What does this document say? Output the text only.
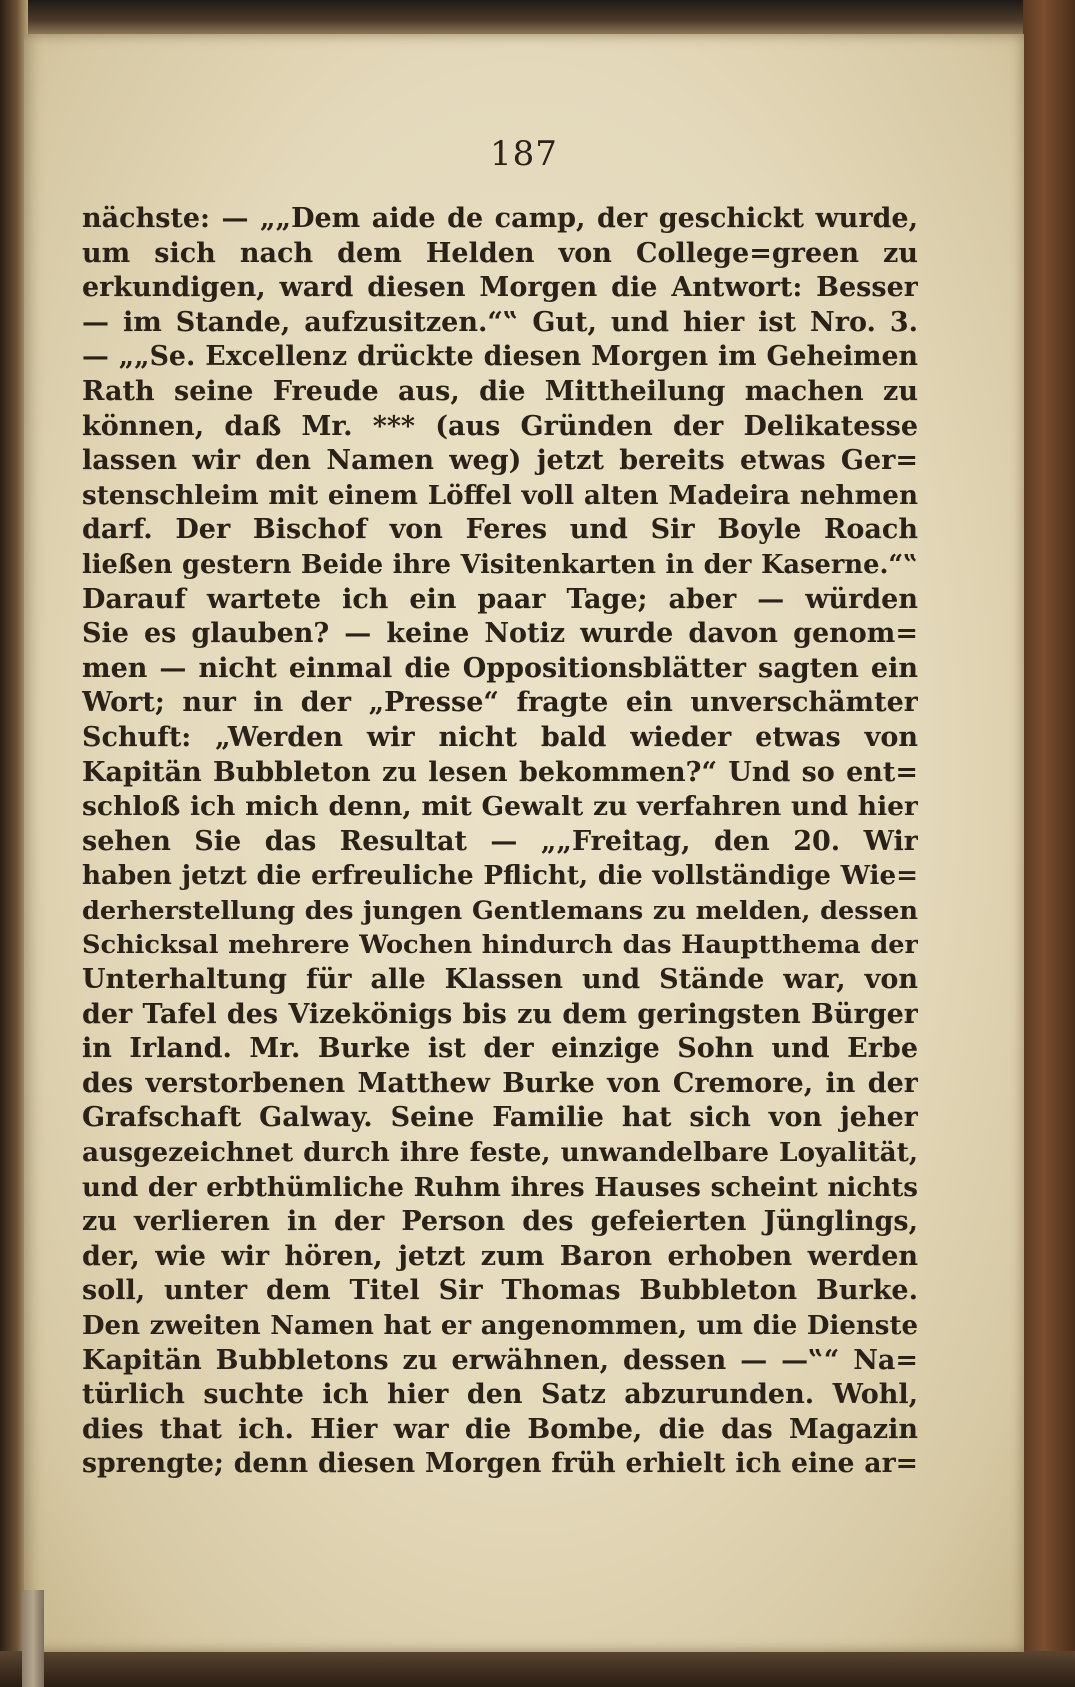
187
nächste: — „„Dem aide de camp, der geschickt wurde,
um sich nach dem Helden von College=green zu
erkundigen, ward diesen Morgen die Antwort: Besser
— im Stande, aufzusitzen.“‟ Gut, und hier ist Nro. 3.
— „„Se. Excellenz drückte diesen Morgen im Geheimen
Rath seine Freude aus, die Mittheilung machen zu
können, daß Mr. *** (aus Gründen der Delikatesse
lassen wir den Namen weg) jetzt bereits etwas Ger=
stenschleim mit einem Löffel voll alten Madeira nehmen
darf. Der Bischof von Feres und Sir Boyle Roach
ließen gestern Beide ihre Visitenkarten in der Kaserne.“‟
Darauf wartete ich ein paar Tage; aber — würden
Sie es glauben? — keine Notiz wurde davon genom=
men — nicht einmal die Oppositionsblätter sagten ein
Wort; nur in der „Presse“ fragte ein unverschämter
Schuft: „Werden wir nicht bald wieder etwas von
Kapitän Bubbleton zu lesen bekommen?“ Und so ent=
schloß ich mich denn, mit Gewalt zu verfahren und hier
sehen Sie das Resultat — „„Freitag, den 20. Wir
haben jetzt die erfreuliche Pflicht, die vollständige Wie=
derherstellung des jungen Gentlemans zu melden, dessen
Schicksal mehrere Wochen hindurch das Hauptthema der
Unterhaltung für alle Klassen und Stände war, von
der Tafel des Vizekönigs bis zu dem geringsten Bürger
in Irland. Mr. Burke ist der einzige Sohn und Erbe
des verstorbenen Matthew Burke von Cremore, in der
Grafschaft Galway. Seine Familie hat sich von jeher
ausgezeichnet durch ihre feste, unwandelbare Loyalität,
und der erbthümliche Ruhm ihres Hauses scheint nichts
zu verlieren in der Person des gefeierten Jünglings,
der, wie wir hören, jetzt zum Baron erhoben werden
soll, unter dem Titel Sir Thomas Bubbleton Burke.
Den zweiten Namen hat er angenommen, um die Dienste
Kapitän Bubbletons zu erwähnen, dessen — —‟“ Na=
türlich suchte ich hier den Satz abzurunden. Wohl,
dies that ich. Hier war die Bombe, die das Magazin
sprengte; denn diesen Morgen früh erhielt ich eine ar=
